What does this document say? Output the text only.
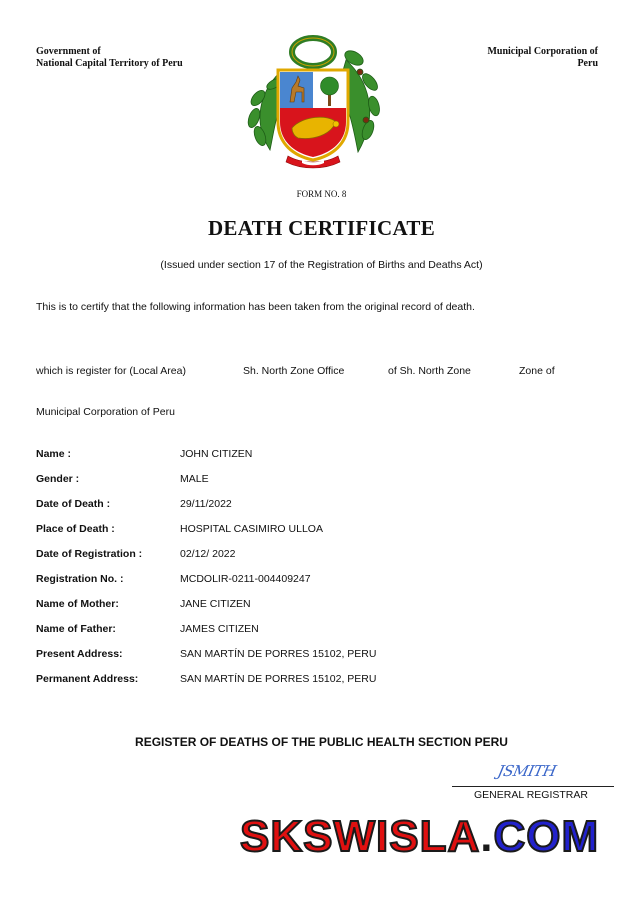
Government of
National Capital Territory of Peru
Municipal Corporation of
Peru
FORM NO. 8
DEATH CERTIFICATE
(Issued under section 17 of the Registration of Births and Deaths Act)
This is to certify that the following information has been taken from the original record of death.
which is register for (Local Area)	Sh. North Zone Office	of Sh. North Zone	Zone of
Municipal Corporation of Peru
Name :	JOHN CITIZEN
Gender :	MALE
Date of Death :	29/11/2022
Place of Death :	HOSPITAL CASIMIRO ULLOA
Date of Registration :	02/12/ 2022
Registration No. :	MCDOLIR-0211-004409247
Name of Mother:	JANE CITIZEN
Name of Father:	JAMES CITIZEN
Present Address:	SAN MARTÍN DE PORRES 15102, PERU
Permanent Address:	SAN MARTÍN DE PORRES 15102, PERU
REGISTER OF DEATHS OF THE PUBLIC HEALTH SECTION PERU
JSMITH
GENERAL REGISTRAR
SKSWISLA.COM
